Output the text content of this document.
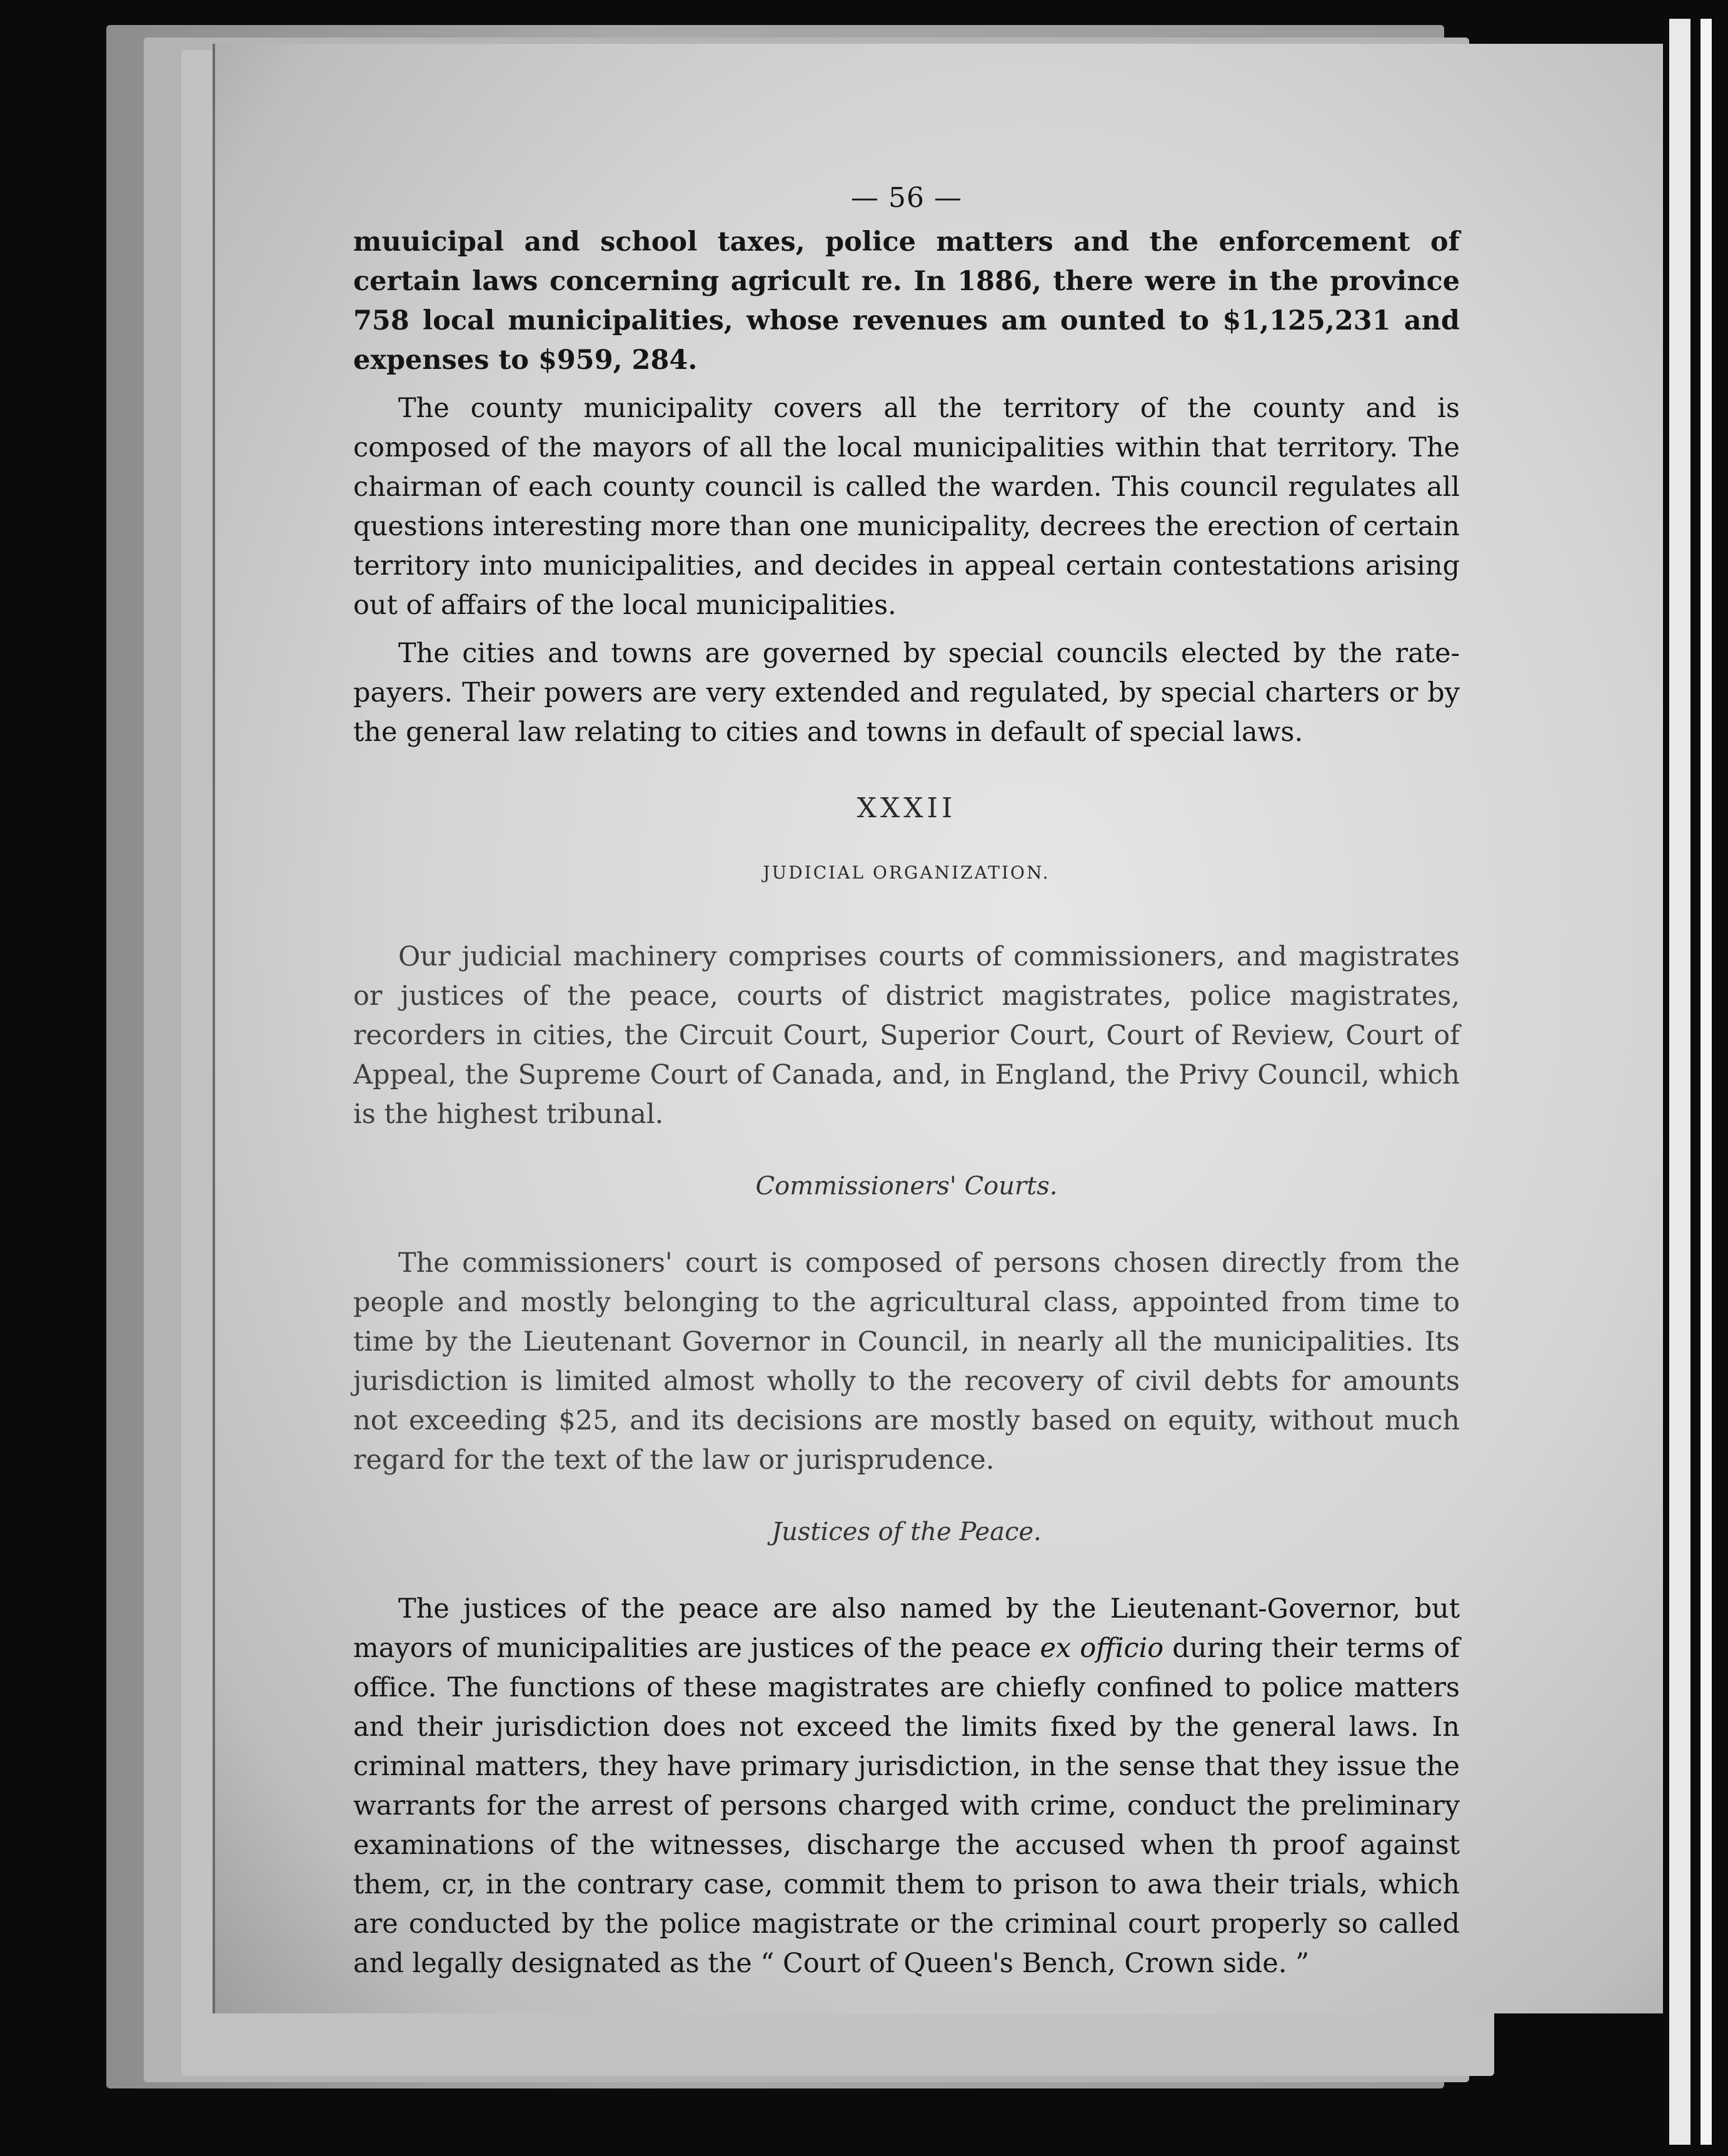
— 56 —

muuicipal and school taxes, police matters and the enforcement of certain laws concerning agricult re. In 1886, there were in the province 758 local municipalities, whose revenues am ounted to $1,125,231 and expenses to $959, 284.

The county municipality covers all the territory of the county and is composed of the mayors of all the local municipalities within that territory. The chairman of each county council is called the warden. This council regulates all questions interesting more than one municipality, decrees the erection of certain territory into municipalities, and decides in appeal certain contestations arising out of affairs of the local municipalities.

The cities and towns are governed by special councils elected by the rate-payers. Their powers are very extended and regulated, by special charters or by the general law relating to cities and towns in default of special laws.

XXXII
JUDICIAL ORGANIZATION.

Our judicial machinery comprises courts of commissioners, and magistrates or justices of the peace, courts of district magistrates, police magistrates, recorders in cities, the Circuit Court, Superior Court, Court of Review, Court of Appeal, the Supreme Court of Canada, and, in England, the Privy Council, which is the highest tribunal.

Commissioners' Courts.

The commissioners' court is composed of persons chosen directly from the people and mostly belonging to the agricultural class, appointed from time to time by the Lieutenant Governor in Council, in nearly all the municipalities. Its jurisdiction is limited almost wholly to the recovery of civil debts for amounts not exceeding $25, and its decisions are mostly based on equity, without much regard for the text of the law or jurisprudence.

Justices of the Peace.

The justices of the peace are also named by the Lieutenant-Governor, but mayors of municipalities are justices of the peace ex officio during their terms of office. The functions of these magistrates are chiefly confined to police matters and their jurisdiction does not exceed the limits fixed by the general laws. In criminal matters, they have primary jurisdiction, in the sense that they issue the warrants for the arrest of persons charged with crime, conduct the preliminary examinations of the witnesses, discharge the accused when th proof against them, cr, in the contrary case, commit them to prison to awa their trials, which are conducted by the police magistrate or the criminal court properly so called and legally designated as the “ Court of Queen's Bench, Crown side. ”
